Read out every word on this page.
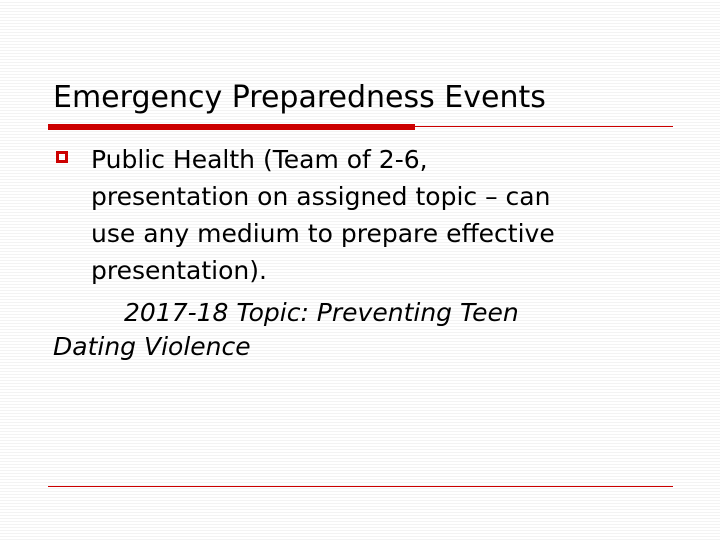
Emergency Preparedness Events

Public Health (Team of 2-6,
presentation on assigned topic – can
use any medium to prepare effective
presentation).

2017-18 Topic: Preventing Teen
Dating Violence
